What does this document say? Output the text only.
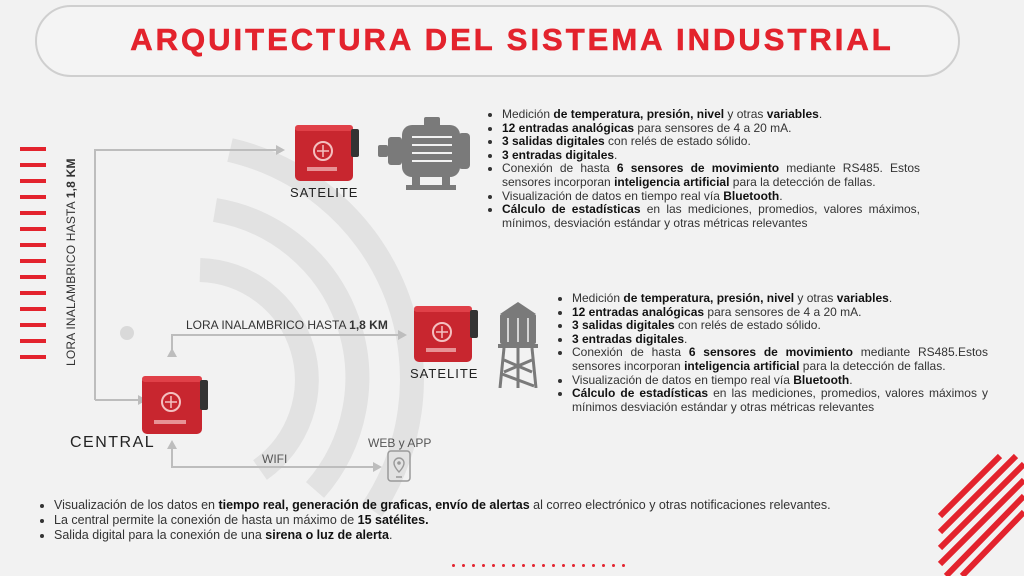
ARQUITECTURA DEL SISTEMA INDUSTRIAL
LORA INALAMBRICO HASTA 1,8 KM
LORA INALAMBRICO HASTA 1,8 KM
SATELITE
• Medición de temperatura, presión, nivel y otras variables.
• 12 entradas analógicas para sensores de 4 a 20 mA.
• 3 salidas digitales con relés de estado sólido.
• 3 entradas digitales.
• Conexión de hasta 6 sensores de movimiento mediante RS485. Estos sensores incorporan inteligencia artificial para la detección de fallas.
• Visualización de datos en tiempo real vía Bluetooth.
• Cálculo de estadísticas en las mediciones, promedios, valores máximos, mínimos, desviación estándar y otras métricas relevantes
SATELITE
• Medición de temperatura, presión, nivel y otras variables.
• 12 entradas analógicas para sensores de 4 a 20 mA.
• 3 salidas digitales con relés de estado sólido.
• 3 entradas digitales.
• Conexión de hasta 6 sensores de movimiento mediante RS485.Estos sensores incorporan inteligencia artificial para la detección de fallas.
• Visualización de datos en tiempo real vía Bluetooth.
• Cálculo de estadísticas en las mediciones, promedios, valores máximos y mínimos desviación estándar y otras métricas relevantes
CENTRAL
WIFI
WEB y APP
• Visualización de los datos en tiempo real, generación de graficas, envío de alertas al correo electrónico y otras notificaciones relevantes.
• La central permite la conexión de hasta un máximo de 15 satélites.
• Salida digital para la conexión de una sirena o luz de alerta.
